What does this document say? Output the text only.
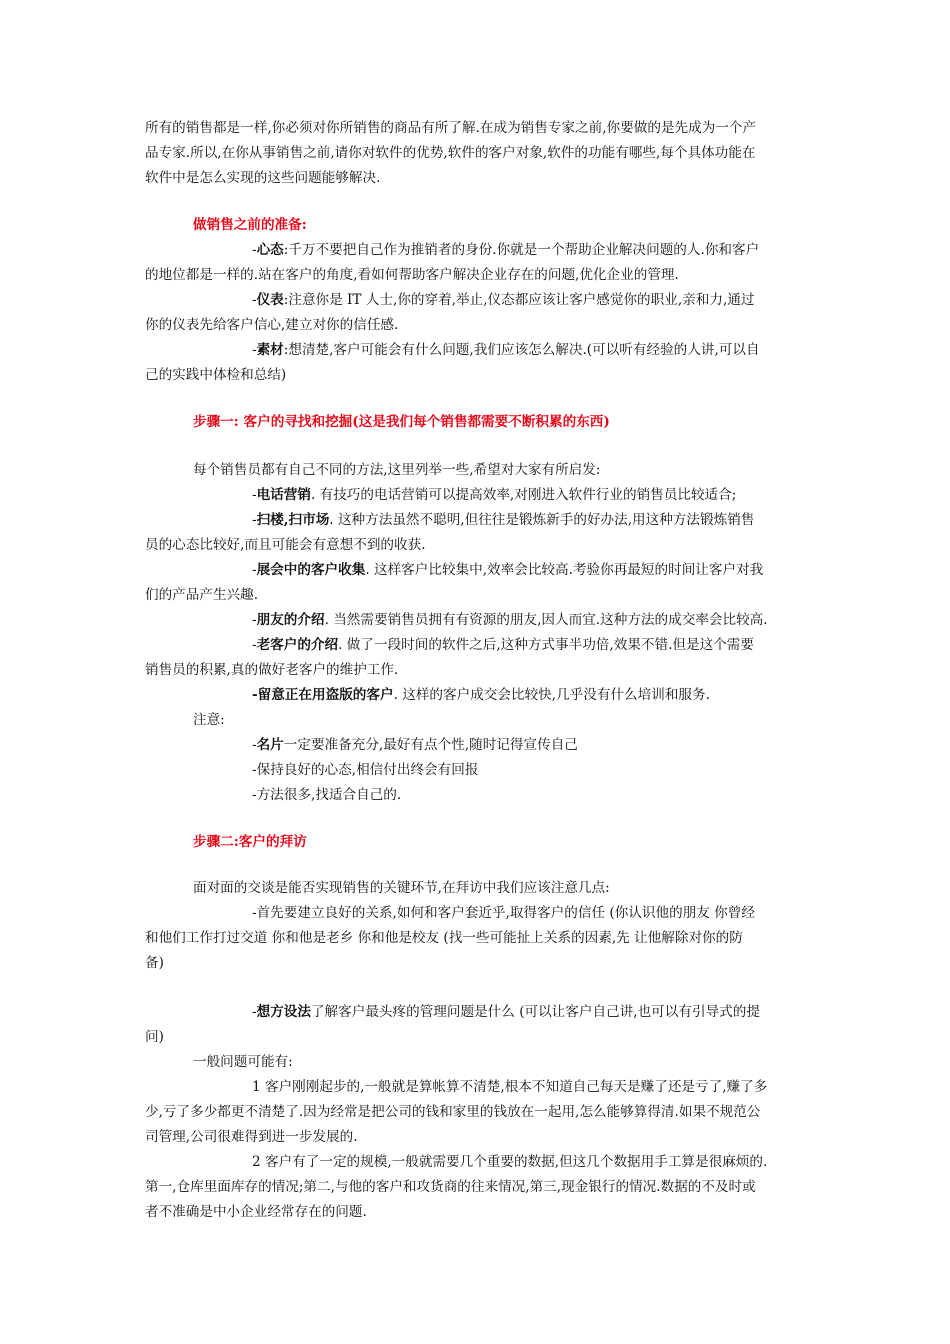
所有的销售都是一样,你必须对你所销售的商品有所了解.在成为销售专家之前,你要做的是先成为一个产
品专家.所以,在你从事销售之前,请你对软件的优势,软件的客户对象,软件的功能有哪些,每个具体功能在
软件中是怎么实现的这些问题能够解决.
做销售之前的准备:
-心态:千万不要把自己作为推销者的身份.你就是一个帮助企业解决问题的人.你和客户
的地位都是一样的.站在客户的角度,看如何帮助客户解决企业存在的问题,优化企业的管理.
-仪表:注意你是 IT 人士,你的穿着,举止,仪态都应该让客户感觉你的职业,亲和力,通过
你的仪表先给客户信心,建立对你的信任感.
-素材:想清楚,客户可能会有什么问题,我们应该怎么解决.(可以听有经验的人讲,可以自
己的实践中体检和总结)
步骤一: 客户的寻找和挖掘(这是我们每个销售都需要不断积累的东西)
每个销售员都有自己不同的方法,这里列举一些,希望对大家有所启发:
-电话营销. 有技巧的电话营销可以提高效率,对刚进入软件行业的销售员比较适合;
-扫楼,扫市场. 这种方法虽然不聪明,但往往是锻炼新手的好办法,用这种方法锻炼销售
员的心态比较好,而且可能会有意想不到的收获.
-展会中的客户收集. 这样客户比较集中,效率会比较高.考验你再最短的时间让客户对我
们的产品产生兴趣.
-朋友的介绍. 当然需要销售员拥有有资源的朋友,因人而宜.这种方法的成交率会比较高.
-老客户的介绍. 做了一段时间的软件之后,这种方式事半功倍,效果不错.但是这个需要
销售员的积累,真的做好老客户的维护工作.
-留意正在用盗版的客户. 这样的客户成交会比较快,几乎没有什么培训和服务.
注意:
-名片一定要准备充分,最好有点个性,随时记得宣传自己
-保持良好的心态,相信付出终会有回报
-方法很多,找适合自己的.
步骤二:客户的拜访
面对面的交谈是能否实现销售的关键环节,在拜访中我们应该注意几点:
-首先要建立良好的关系,如何和客户套近乎,取得客户的信任 (你认识他的朋友 你曾经
和他们工作打过交道 你和他是老乡 你和他是校友 (找一些可能扯上关系的因素,先 让他解除对你的防
备)
-想方设法了解客户最头疼的管理问题是什么 (可以让客户自己讲,也可以有引导式的提
问)
一般问题可能有:
1 客户刚刚起步的,一般就是算帐算不清楚,根本不知道自己每天是赚了还是亏了,赚了多
少,亏了多少都更不清楚了.因为经常是把公司的钱和家里的钱放在一起用,怎么能够算得清.如果不规范公
司管理,公司很难得到进一步发展的.
2 客户有了一定的规模,一般就需要几个重要的数据,但这几个数据用手工算是很麻烦的.
第一,仓库里面库存的情况;第二,与他的客户和攻货商的往来情况,第三,现金银行的情况.数据的不及时或
者不准确是中小企业经常存在的问题.
